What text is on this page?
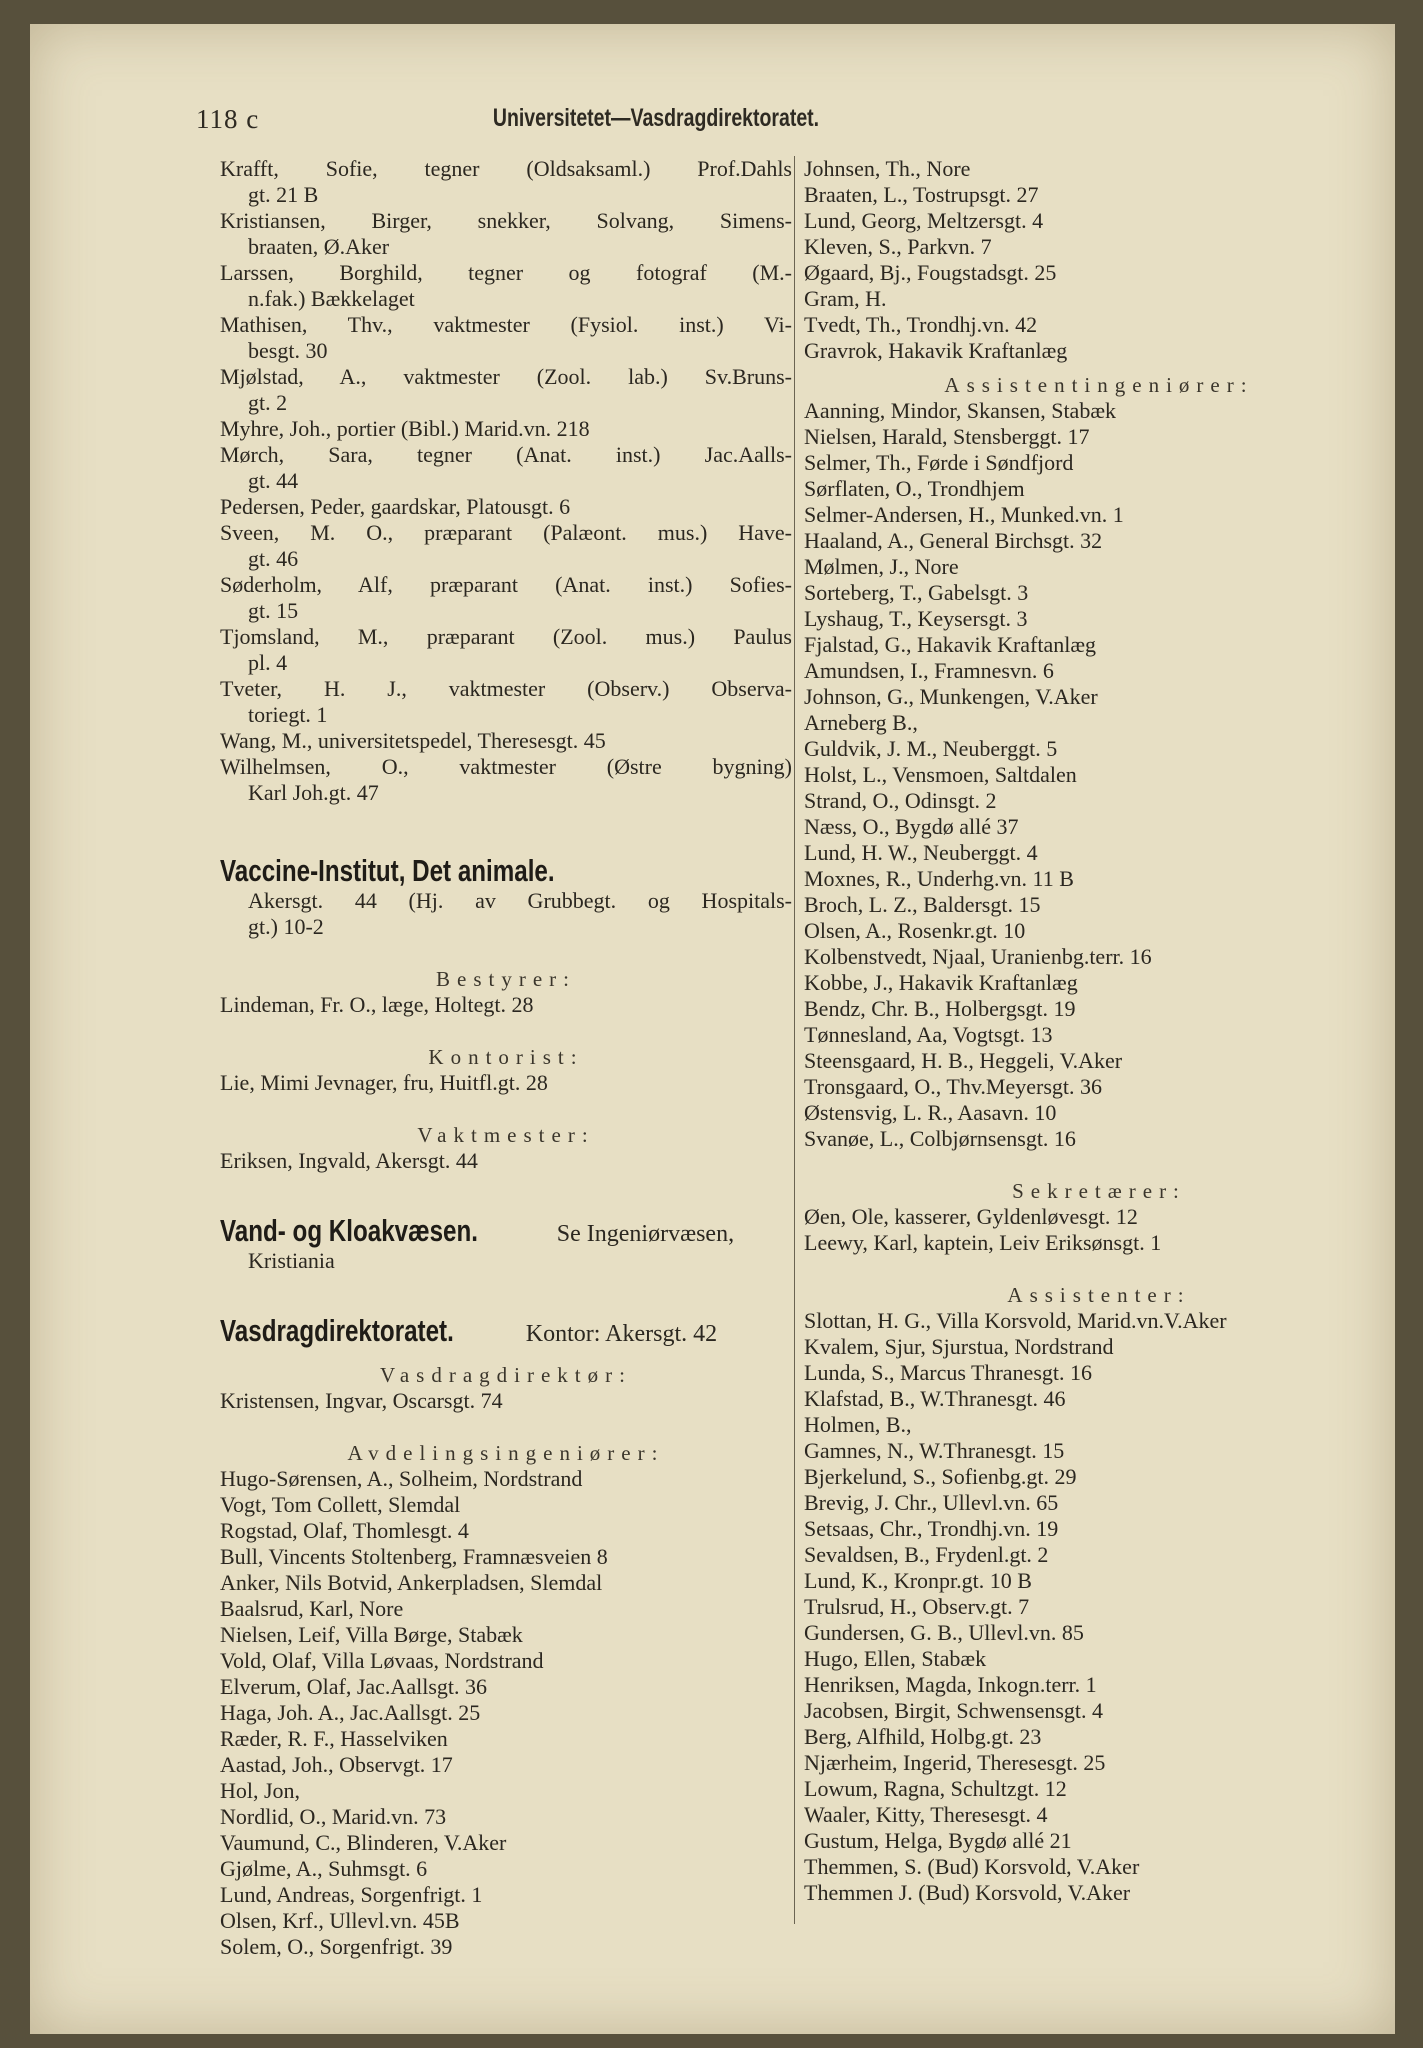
118 c	Universitetet—Vasdragdirektoratet.
Krafft, Sofie, tegner (Oldsaksaml.) Prof.Dahls
gt. 21 B
Kristiansen, Birger, snekker, Solvang, Simens-
braaten, Ø.Aker
Larssen, Borghild, tegner og fotograf (M.-
n.fak.) Bækkelaget
Mathisen, Thv., vaktmester (Fysiol. inst.) Vi-
besgt. 30
Mjølstad, A., vaktmester (Zool. lab.) Sv.Bruns-
gt. 2
Myhre, Joh., portier (Bibl.) Marid.vn. 218
Mørch, Sara, tegner (Anat. inst.) Jac.Aalls-
gt. 44
Pedersen, Peder, gaardskar, Platousgt. 6
Sveen, M. O., præparant (Palæont. mus.) Have-
gt. 46
Søderholm, Alf, præparant (Anat. inst.) Sofies-
gt. 15
Tjomsland, M., præparant (Zool. mus.) Paulus
pl. 4
Tveter, H. J., vaktmester (Observ.) Observa-
toriegt. 1
Wang, M., universitetspedel, Theresesgt. 45
Wilhelmsen, O., vaktmester (Østre bygning)
Karl Joh.gt. 47
Vaccine-Institut, Det animale.
Akersgt. 44 (Hj. av Grubbegt. og Hospitals-
gt.) 10-2
Bestyrer:
Lindeman, Fr. O., læge, Holtegt. 28
Kontorist:
Lie, Mimi Jevnager, fru, Huitfl.gt. 28
Vaktmester:
Eriksen, Ingvald, Akersgt. 44
Vand- og Kloakvæsen.	Se Ingeniørvæsen,
Kristiania
Vasdragdirektoratet.	Kontor: Akersgt. 42
Vasdragdirektør:
Kristensen, Ingvar, Oscarsgt. 74
Avdelingsingeniører:
Hugo-Sørensen, A., Solheim, Nordstrand
Vogt, Tom Collett, Slemdal
Rogstad, Olaf, Thomlesgt. 4
Bull, Vincents Stoltenberg, Framnæsveien 8
Anker, Nils Botvid, Ankerpladsen, Slemdal
Baalsrud, Karl, Nore
Nielsen, Leif, Villa Børge, Stabæk
Vold, Olaf, Villa Løvaas, Nordstrand
Elverum, Olaf, Jac.Aallsgt. 36
Haga, Joh. A., Jac.Aallsgt. 25
Ræder, R. F., Hasselviken
Aastad, Joh., Observgt. 17
Hol, Jon,
Nordlid, O., Marid.vn. 73
Vaumund, C., Blinderen, V.Aker
Gjølme, A., Suhmsgt. 6
Lund, Andreas, Sorgenfrigt. 1
Olsen, Krf., Ullevl.vn. 45B
Solem, O., Sorgenfrigt. 39
Johnsen, Th., Nore
Braaten, L., Tostrupsgt. 27
Lund, Georg, Meltzersgt. 4
Kleven, S., Parkvn. 7
Øgaard, Bj., Fougstadsgt. 25
Gram, H.
Tvedt, Th., Trondhj.vn. 42
Gravrok, Hakavik Kraftanlæg
Assistentingeniører:
Aanning, Mindor, Skansen, Stabæk
Nielsen, Harald, Stensberggt. 17
Selmer, Th., Førde i Søndfjord
Sørflaten, O., Trondhjem
Selmer-Andersen, H., Munked.vn. 1
Haaland, A., General Birchsgt. 32
Mølmen, J., Nore
Sorteberg, T., Gabelsgt. 3
Lyshaug, T., Keysersgt. 3
Fjalstad, G., Hakavik Kraftanlæg
Amundsen, I., Framnesvn. 6
Johnson, G., Munkengen, V.Aker
Arneberg B.,
Guldvik, J. M., Neuberggt. 5
Holst, L., Vensmoen, Saltdalen
Strand, O., Odinsgt. 2
Næss, O., Bygdø allé 37
Lund, H. W., Neuberggt. 4
Moxnes, R., Underhg.vn. 11 B
Broch, L. Z., Baldersgt. 15
Olsen, A., Rosenkr.gt. 10
Kolbenstvedt, Njaal, Uranienbg.terr. 16
Kobbe, J., Hakavik Kraftanlæg
Bendz, Chr. B., Holbergsgt. 19
Tønnesland, Aa, Vogtsgt. 13
Steensgaard, H. B., Heggeli, V.Aker
Tronsgaard, O., Thv.Meyersgt. 36
Østensvig, L. R., Aasavn. 10
Svanøe, L., Colbjørnsensgt. 16
Sekretærer:
Øen, Ole, kasserer, Gyldenløvesgt. 12
Leewy, Karl, kaptein, Leiv Eriksønsgt. 1
Assistenter:
Slottan, H. G., Villa Korsvold, Marid.vn.V.Aker
Kvalem, Sjur, Sjurstua, Nordstrand
Lunda, S., Marcus Thranesgt. 16
Klafstad, B., W.Thranesgt. 46
Holmen, B.,
Gamnes, N., W.Thranesgt. 15
Bjerkelund, S., Sofienbg.gt. 29
Brevig, J. Chr., Ullevl.vn. 65
Setsaas, Chr., Trondhj.vn. 19
Sevaldsen, B., Frydenl.gt. 2
Lund, K., Kronpr.gt. 10 B
Trulsrud, H., Observ.gt. 7
Gundersen, G. B., Ullevl.vn. 85
Hugo, Ellen, Stabæk
Henriksen, Magda, Inkogn.terr. 1
Jacobsen, Birgit, Schwensensgt. 4
Berg, Alfhild, Holbg.gt. 23
Njærheim, Ingerid, Theresesgt. 25
Lowum, Ragna, Schultzgt. 12
Waaler, Kitty, Theresesgt. 4
Gustum, Helga, Bygdø allé 21
Themmen, S. (Bud) Korsvold, V.Aker
Themmen J. (Bud) Korsvold, V.Aker
